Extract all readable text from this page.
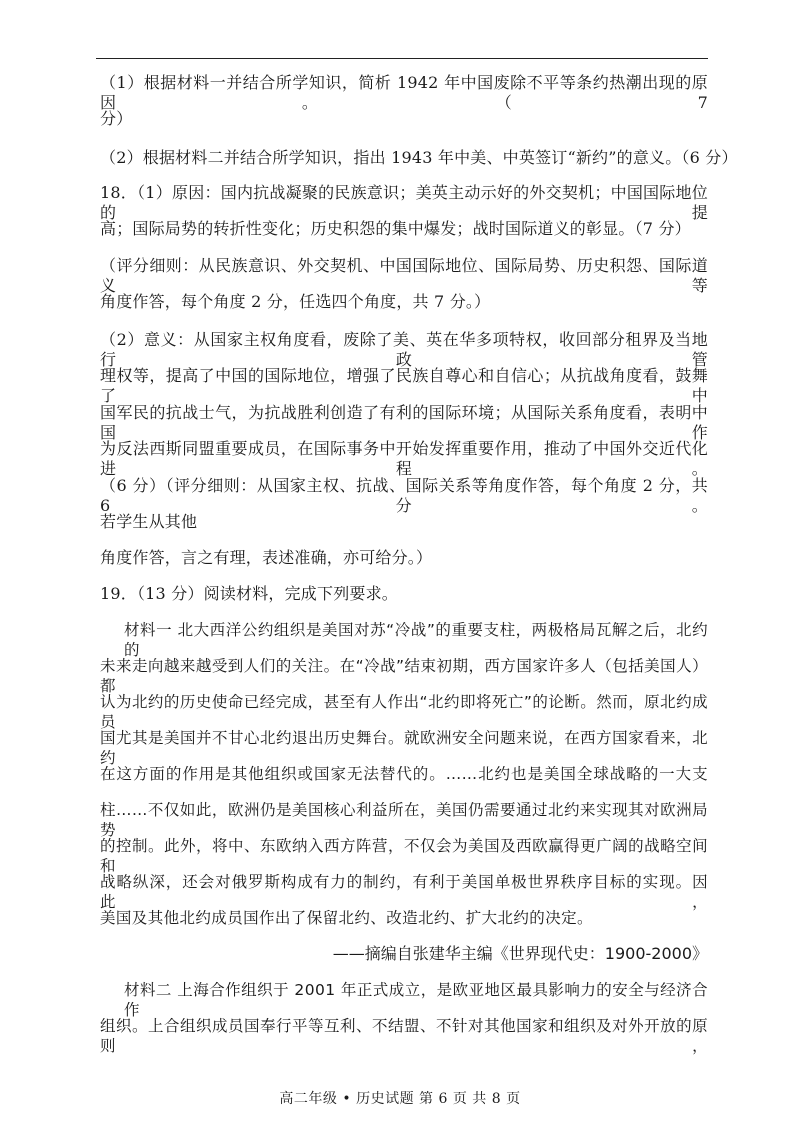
（1）根据材料一并结合所学知识，简析 1942 年中国废除不平等条约热潮出现的原因。（7
分）
（2）根据材料二并结合所学知识，指出 1943 年中美、中英签订“新约”的意义。（6 分）
18．（1）原因：国内抗战凝聚的民族意识；美英主动示好的外交契机；中国国际地位的提
高；国际局势的转折性变化；历史积怨的集中爆发；战时国际道义的彰显。（7 分）
（评分细则：从民族意识、外交契机、中国国际地位、国际局势、历史积怨、国际道义等
角度作答，每个角度 2 分，任选四个角度，共 7 分。）
（2）意义：从国家主权角度看，废除了美、英在华多项特权，收回部分租界及当地行政管
理权等，提高了中国的国际地位，增强了民族自尊心和自信心；从抗战角度看，鼓舞了中
国军民的抗战士气，为抗战胜利创造了有利的国际环境；从国际关系角度看，表明中国作
为反法西斯同盟重要成员，在国际事务中开始发挥重要作用，推动了中国外交近代化进程。
（6 分）（评分细则：从国家主权、抗战、国际关系等角度作答，每个角度 2 分，共 6 分。
若学生从其他
角度作答，言之有理，表述准确，亦可给分。）
19．（13 分）阅读材料，完成下列要求。
材料一 北大西洋公约组织是美国对苏“冷战”的重要支柱，两极格局瓦解之后，北约的
未来走向越来越受到人们的关注。在“冷战”结束初期，西方国家许多人（包括美国人）都
认为北约的历史使命已经完成，甚至有人作出“北约即将死亡”的论断。然而，原北约成员
国尤其是美国并不甘心北约退出历史舞台。就欧洲安全问题来说，在西方国家看来，北约
在这方面的作用是其他组织或国家无法替代的。……北约也是美国全球战略的一大支
柱……不仅如此，欧洲仍是美国核心利益所在，美国仍需要通过北约来实现其对欧洲局势
的控制。此外，将中、东欧纳入西方阵营，不仅会为美国及西欧赢得更广阔的战略空间和
战略纵深，还会对俄罗斯构成有力的制约，有利于美国单极世界秩序目标的实现。因此，
美国及其他北约成员国作出了保留北约、改造北约、扩大北约的决定。
——摘编自张建华主编《世界现代史：1900-2000》
材料二 上海合作组织于 2001 年正式成立，是欧亚地区最具影响力的安全与经济合作
组织。上合组织成员国奉行平等互利、不结盟、不针对其他国家和组织及对外开放的原则，
高二年级 • 历史试题 第 6 页 共 8 页
